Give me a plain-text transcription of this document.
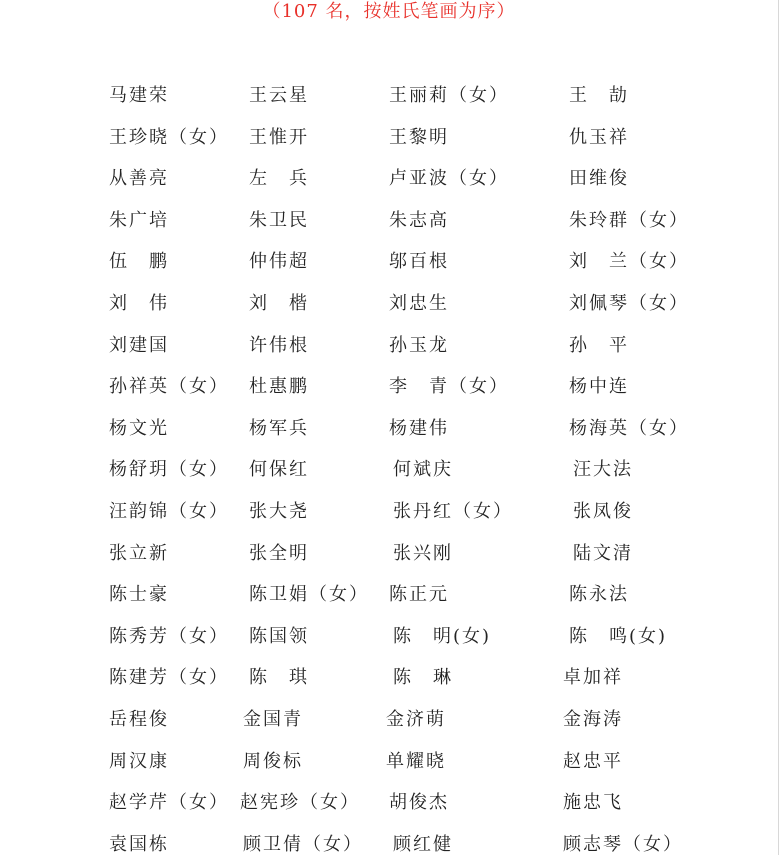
（107 名，按姓氏笔画为序）
马建荣	王云星	王丽莉（女）	王　劼
王珍晓（女） 王惟开	王黎明	仇玉祥
从善亮	左　兵	卢亚波（女）	田维俊
朱广培	朱卫民	朱志高	朱玲群（女）
伍　鹏	仲伟超	邬百根	刘　兰（女）
刘　伟	刘　楷	刘忠生	刘佩琴（女）
刘建国	许伟根	孙玉龙	孙　平
孙祥英（女） 杜惠鹏	李　青（女）	杨中连
杨文光	杨军兵	杨建伟	杨海英（女）
杨舒玥（女） 何保红	何斌庆	汪大法
汪韵锦（女） 张大尧	张丹红（女）	张凤俊
张立新	张全明	张兴刚	陆文清
陈士豪	陈卫娟（女） 陈正元	陈永法
陈秀芳（女） 陈国领	陈　明(女)	陈　鸣(女)
陈建芳（女） 陈　琪	陈　琳	卓加祥
岳程俊	金国青	金济萌	金海涛
周汉康	周俊标	单耀晓	赵忠平
赵学芹（女） 赵宪珍（女） 胡俊杰	施忠飞
袁国栋	顾卫倩（女） 顾红健	顾志琴（女）
